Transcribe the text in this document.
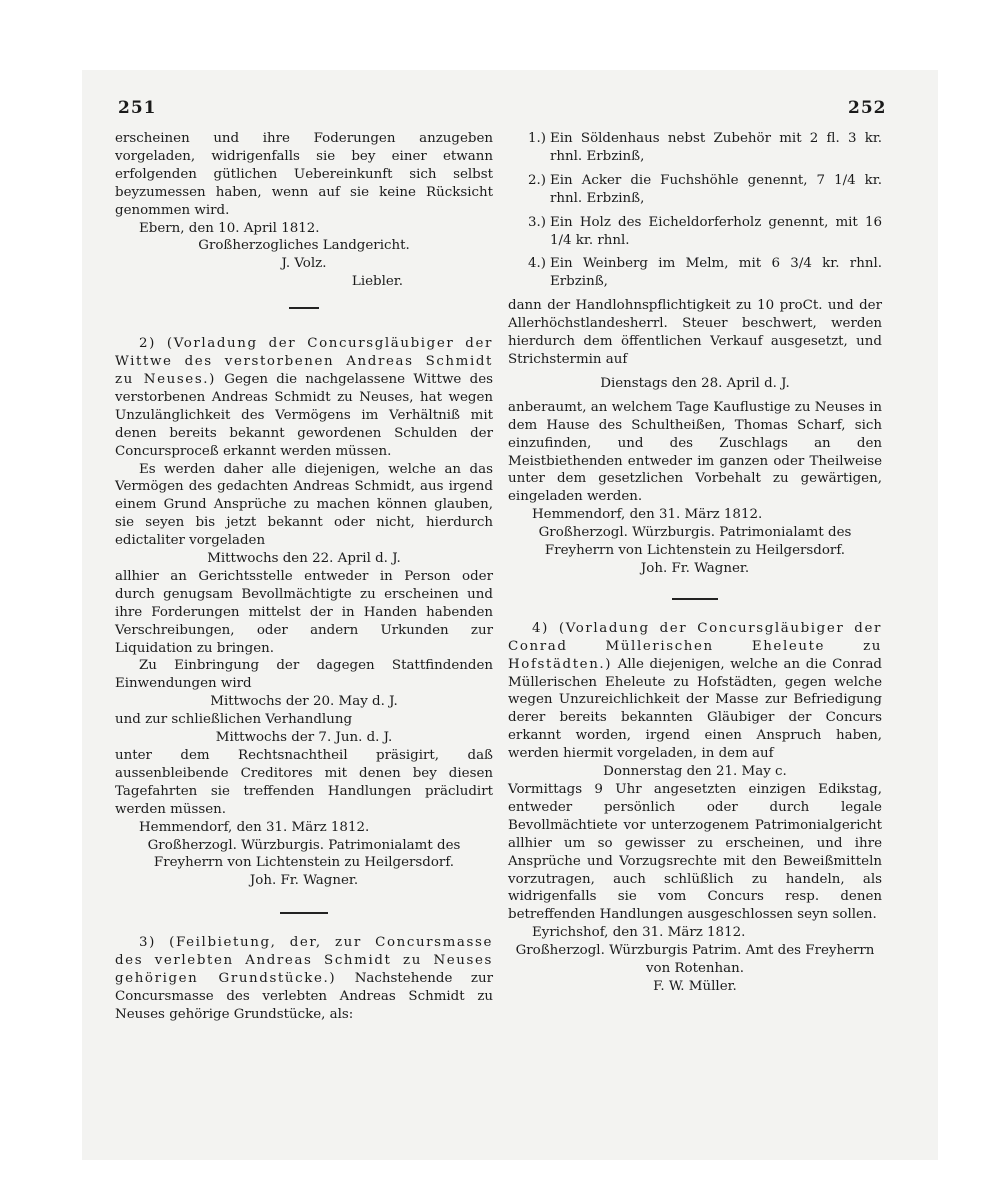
251	252

erscheinen und ihre Foderungen anzugeben vorgeladen, widrigenfalls sie bey einer etwann erfolgenden gütlichen Uebereinkunft sich selbst beyzumessen haben, wenn auf sie keine Rücksicht genommen wird.

Ebern, den 10. April 1812.

Großherzogliches Landgericht.

J. Volz.

Liebler.

2) (Vorladung der Concursgläubiger der Wittwe des verstorbenen Andreas Schmidt zu Neuses.) Gegen die nachgelassene Wittwe des verstorbenen Andreas Schmidt zu Neuses, hat wegen Unzulänglichkeit des Vermögens im Verhältniß mit denen bereits bekannt gewordenen Schulden der Concursproceß erkannt werden müssen.

Es werden daher alle diejenigen, welche an das Vermögen des gedachten Andreas Schmidt, aus irgend einem Grund Ansprüche zu machen können glauben, sie seyen bis jetzt bekannt oder nicht, hierdurch edictaliter vorgeladen

Mittwochs den 22. April d. J.

allhier an Gerichtsstelle entweder in Person oder durch genugsam Bevollmächtigte zu erscheinen und ihre Forderungen mittelst der in Handen habenden Verschreibungen, oder andern Urkunden zur Liquidation zu bringen.

Zu Einbringung der dagegen Stattfindenden Einwendungen wird

Mittwochs der 20. May d. J.

und zur schließlichen Verhandlung

Mittwochs der 7. Jun. d. J.

unter dem Rechtsnachtheil präsigirt, daß aussenbleibende Creditores mit denen bey diesen Tagefahrten sie treffenden Handlungen präcludirt werden müssen.

Hemmendorf, den 31. März 1812.

Großherzogl. Würzburgis. Patrimonialamt des

Freyherrn von Lichtenstein zu Heilgersdorf.

Joh. Fr. Wagner.

3) (Feilbietung, der, zur Concursmasse des verlebten Andreas Schmidt zu Neuses gehörigen Grundstücke.) Nachstehende zur Concursmasse des verlebten Andreas Schmidt zu Neuses gehörige Grundstücke, als:

1.) Ein Söldenhaus nebst Zubehör mit 2 fl. 3 kr. rhnl. Erbzinß,
2.) Ein Acker die Fuchshöhle genennt, 7 1/4 kr. rhnl. Erbzinß,
3.) Ein Holz des Eicheldorferholz genennt, mit 16 1/4 kr. rhnl.
4.) Ein Weinberg im Melm, mit 6 3/4 kr. rhnl. Erbzinß,

dann der Handlohnspflichtigkeit zu 10 proCt. und der Allerhöchstlandesherrl. Steuer beschwert, werden hierdurch dem öffentlichen Verkauf ausgesetzt, und Strichstermin auf

Dienstags den 28. April d. J.

anberaumt, an welchem Tage Kauflustige zu Neuses in dem Hause des Schultheißen, Thomas Scharf, sich einzufinden, und des Zuschlags an den Meistbiethenden entweder im ganzen oder Theilweise unter dem gesetzlichen Vorbehalt zu gewärtigen, eingeladen werden.

Hemmendorf, den 31. März 1812.

Großherzogl. Würzburgis. Patrimonialamt des

Freyherrn von Lichtenstein zu Heilgersdorf.

Joh. Fr. Wagner.

4) (Vorladung der Concursgläubiger der Conrad Müllerischen Eheleute zu Hofstädten.) Alle diejenigen, welche an die Conrad Müllerischen Eheleute zu Hofstädten, gegen welche wegen Unzureichlichkeit der Masse zur Befriedigung derer bereits bekannten Gläubiger der Concurs erkannt worden, irgend einen Anspruch haben, werden hiermit vorgeladen, in dem auf

Donnerstag den 21. May c.

Vormittags 9 Uhr angesetzten einzigen Edikstag, entweder persönlich oder durch legale Bevollmächtiete vor unterzogenem Patrimonialgericht allhier um so gewisser zu erscheinen, und ihre Ansprüche und Vorzugsrechte mit den Beweißmitteln vorzutragen, auch schlüßlich zu handeln, als widrigenfalls sie vom Concurs resp. denen betreffenden Handlungen ausgeschlossen seyn sollen.

Eyrichshof, den 31. März 1812.

Großherzogl. Würzburgis Patrim. Amt des Freyherrn von Rotenhan.

F. W. Müller.
